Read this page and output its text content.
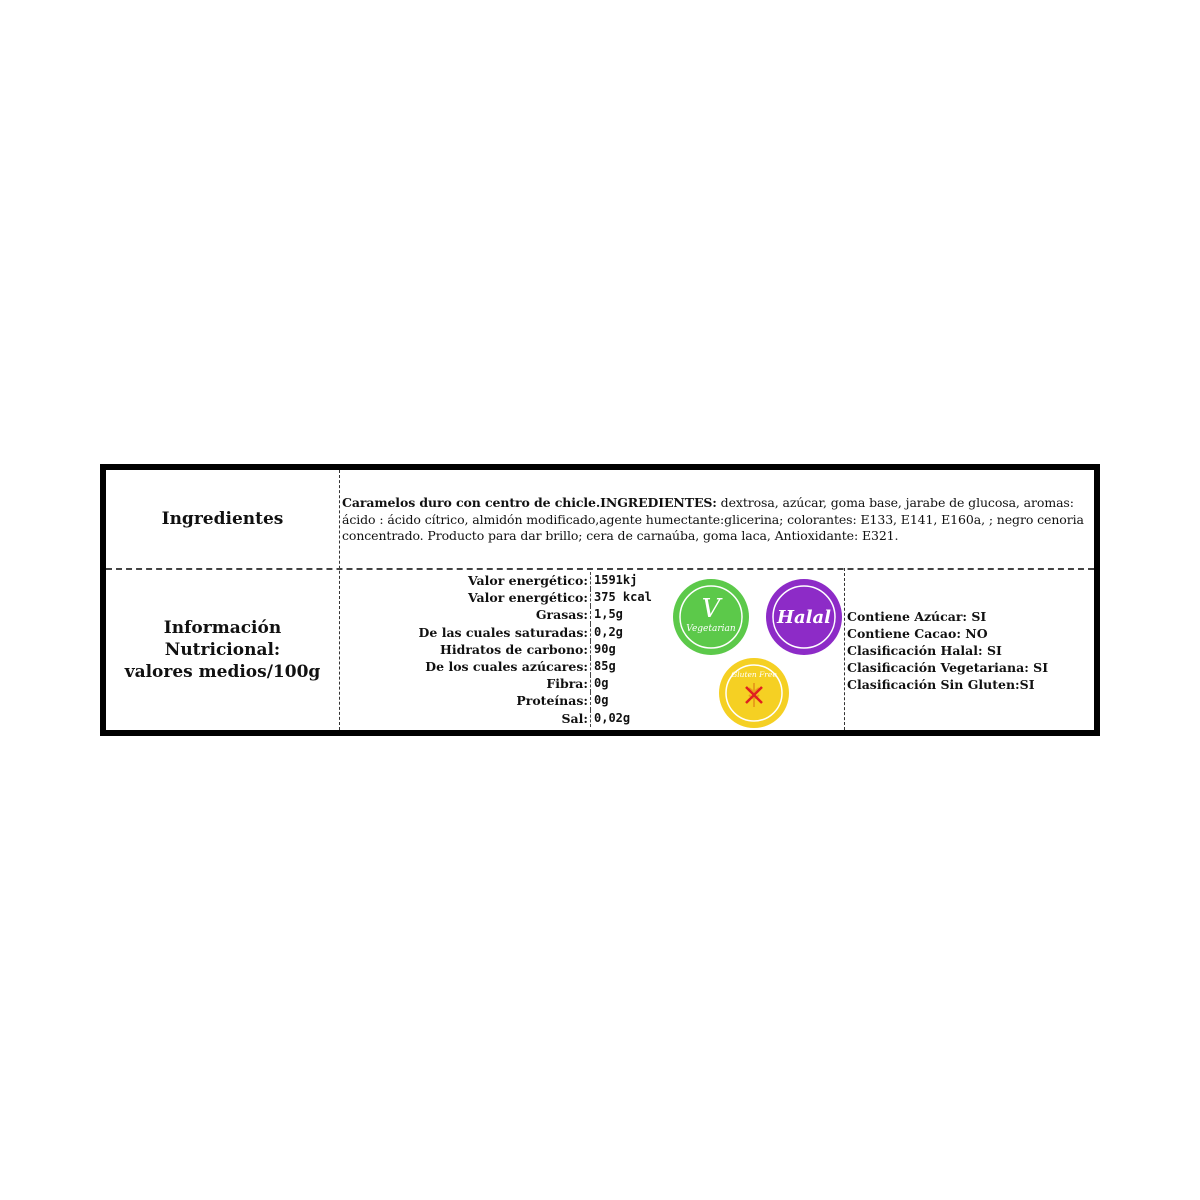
Ingredientes
Caramelos duro con centro de chicle.INGREDIENTES: dextrosa, azúcar, goma base, jarabe de glucosa, aromas: ácido : ácido cítrico, almidón modificado,agente humectante:glicerina; colorantes: E133, E141, E160a, ; negro cenoria concentrado. Producto para dar brillo; cera de carnaúba, goma laca, Antioxidante: E321.
Información Nutricional:
valores medios/100g
Valor energético: 1591kj
Valor energético: 375 kcal
Grasas: 1,5g
De las cuales saturadas: 0,2g
Hidratos de carbono: 90g
De los cuales azúcares: 85g
Fibra: 0g
Proteínas: 0g
Sal: 0,02g
V
Vegetarian
Halal
Gluten Free
Contiene Azúcar: SI
Contiene Cacao: NO
Clasificación Halal: SI
Clasificación Vegetariana: SI
Clasificación Sin Gluten:SI
